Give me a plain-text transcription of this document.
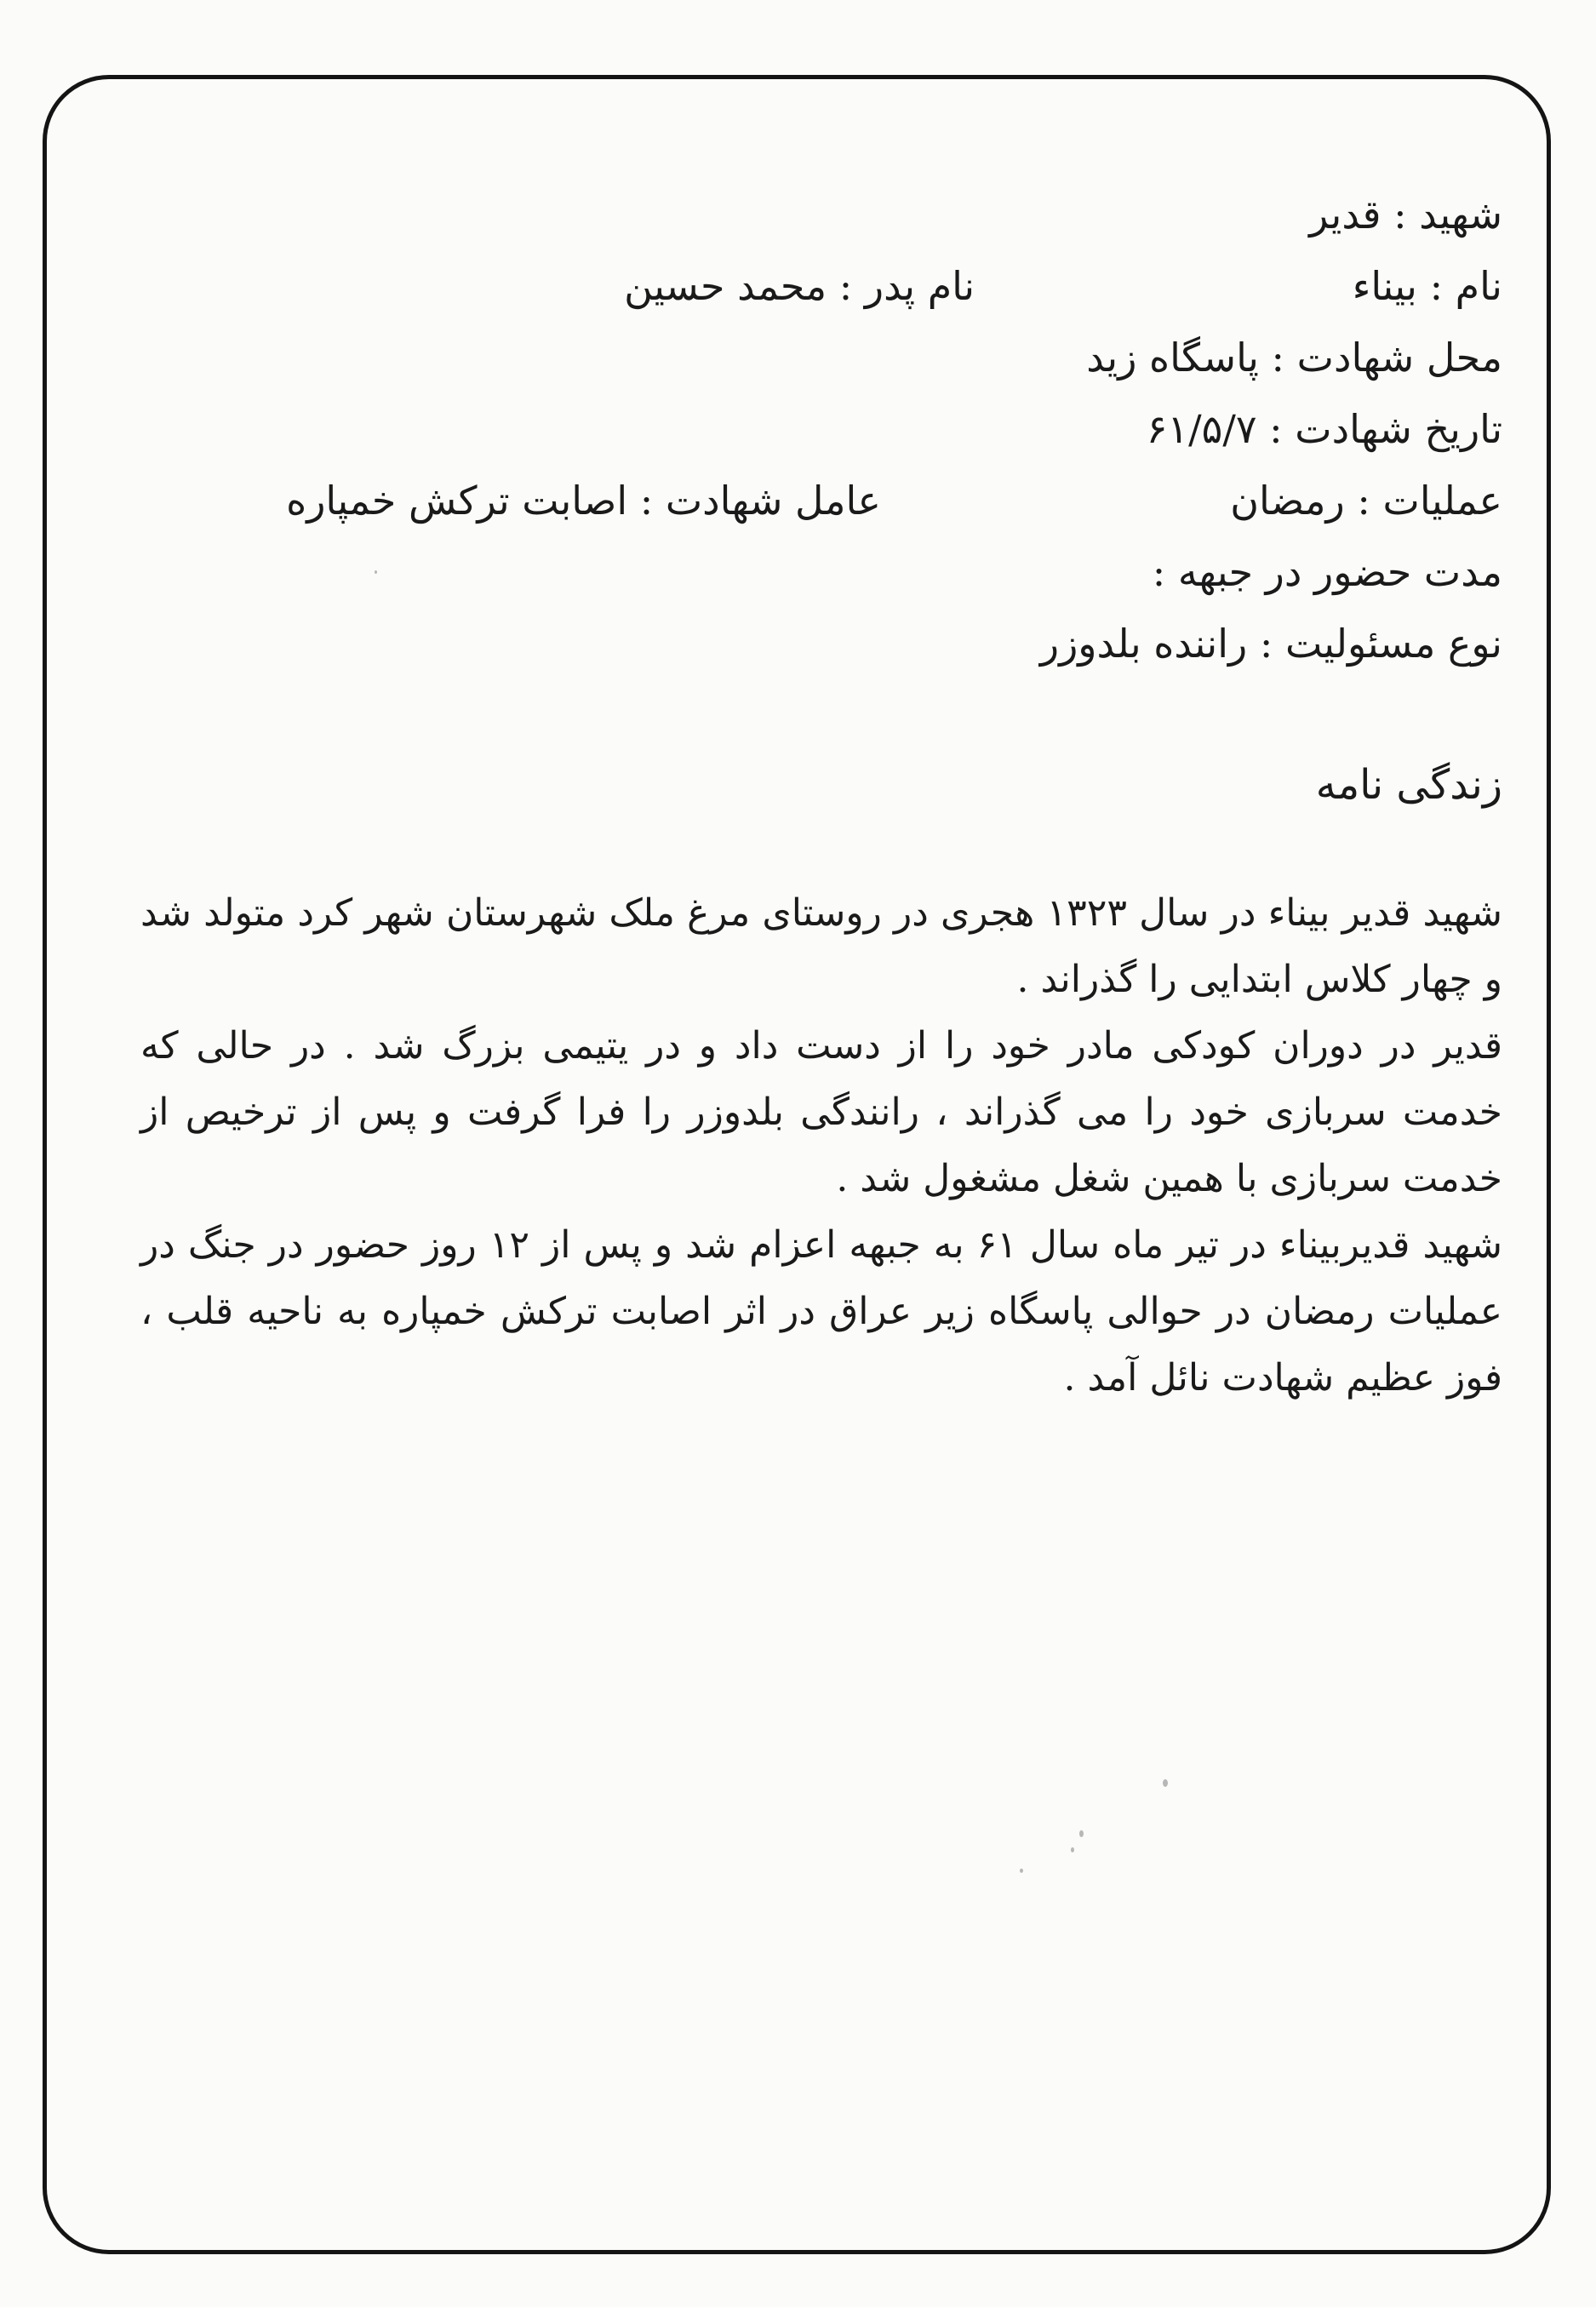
شهید : قدیر
نام : بیناء
نام پدر : محمد حسین
محل شهادت : پاسگاه زید
تاریخ شهادت : ۶۱/۵/۷
عملیات : رمضان
عامل شهادت : اصابت ترکش خمپاره
مدت حضور در جبهه :
نوع مسئولیت : راننده بلدوزر
زندگی نامه

شهید قدیر بیناء در سال ۱۳۲۳ هجری در روستای مرغ ملک شهرستان شهر کرد متولد شد و چهار کلاس ابتدایی را گذراند .

قدیر در دوران کودکی مادر خود را از دست داد و در یتیمی بزرگ شد . در حالی که خدمت سربازی خود را می گذراند ، رانندگی بلدوزر را فرا گرفت و پس از ترخیص از خدمت سربازی با همین شغل مشغول شد .

شهید قدیربیناء در تیر ماه سال ۶۱ به جبهه اعزام شد و پس از ۱۲ روز حضور در جنگ در عملیات رمضان در حوالی پاسگاه زیر عراق در اثر اصابت ترکش خمپاره به ناحیه قلب ، فوز عظیم شهادت نائل آمد .
